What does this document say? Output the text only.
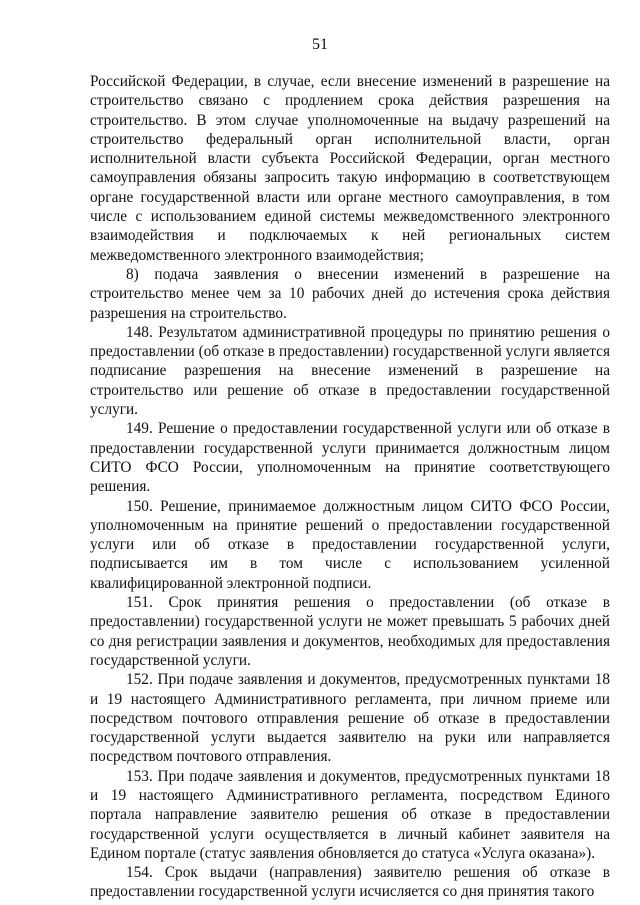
51

Российской Федерации, в случае, если внесение изменений в разрешение на строительство связано с продлением срока действия разрешения на строительство. В этом случае уполномоченные на выдачу разрешений на строительство федеральный орган исполнительной власти, орган исполнительной власти субъекта Российской Федерации, орган местного самоуправления обязаны запросить такую информацию в соответствующем органе государственной власти или органе местного самоуправления, в том числе с использованием единой системы межведомственного электронного взаимодействия и подключаемых к ней региональных систем межведомственного электронного взаимодействия;

8) подача заявления о внесении изменений в разрешение на строительство менее чем за 10 рабочих дней до истечения срока действия разрешения на строительство.

148. Результатом административной процедуры по принятию решения о предоставлении (об отказе в предоставлении) государственной услуги является подписание разрешения на внесение изменений в разрешение на строительство или решение об отказе в предоставлении государственной услуги.

149. Решение о предоставлении государственной услуги или об отказе в предоставлении государственной услуги принимается должностным лицом СИТО ФСО России, уполномоченным на принятие соответствующего решения.

150. Решение, принимаемое должностным лицом СИТО ФСО России, уполномоченным на принятие решений о предоставлении государственной услуги или об отказе в предоставлении государственной услуги, подписывается им в том числе с использованием усиленной квалифицированной электронной подписи.

151. Срок принятия решения о предоставлении (об отказе в предоставлении) государственной услуги не может превышать 5 рабочих дней со дня регистрации заявления и документов, необходимых для предоставления государственной услуги.

152. При подаче заявления и документов, предусмотренных пунктами 18 и 19 настоящего Административного регламента, при личном приеме или посредством почтового отправления решение об отказе в предоставлении государственной услуги выдается заявителю на руки или направляется посредством почтового отправления.

153. При подаче заявления и документов, предусмотренных пунктами 18 и 19 настоящего Административного регламента, посредством Единого портала направление заявителю решения об отказе в предоставлении государственной услуги осуществляется в личный кабинет заявителя на Едином портале (статус заявления обновляется до статуса «Услуга оказана»).

154. Срок выдачи (направления) заявителю решения об отказе в предоставлении государственной услуги исчисляется со дня принятия такого
